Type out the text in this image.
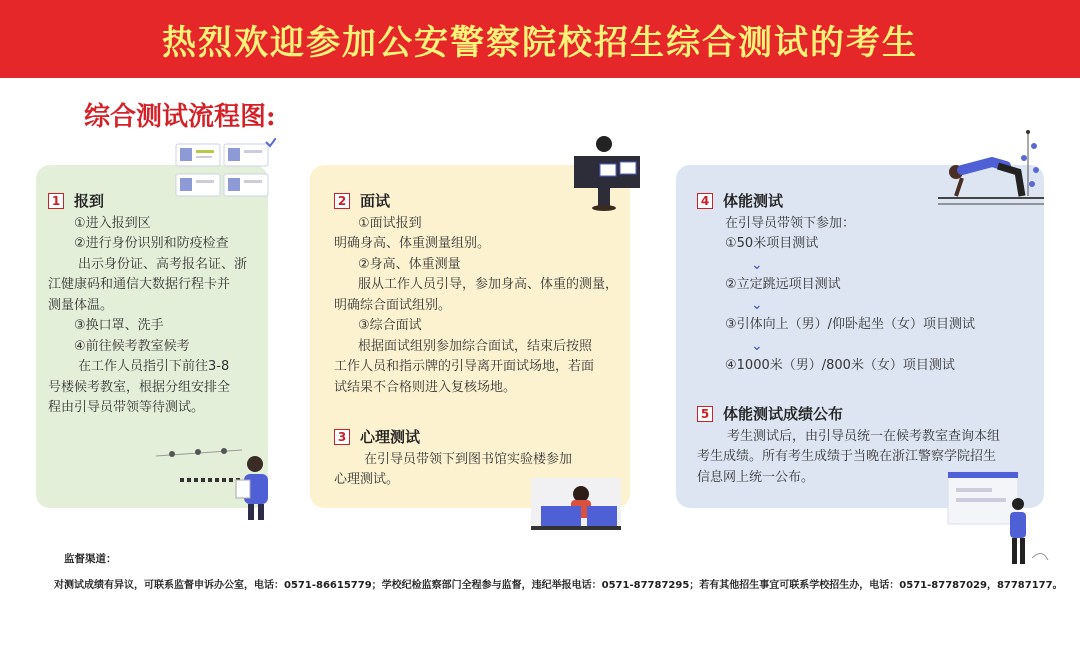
热烈欢迎参加公安警察院校招生综合测试的考生
综合测试流程图:
1 报到

①进入报到区

②进行身份识别和防疫检查

出示身份证、高考报名证、浙

江健康码和通信大数据行程卡并

测量体温。

③换口罩、洗手

④前往候考教室候考

在工作人员指引下前往3-8

号楼候考教室，根据分组安排全

程由引导员带领等待测试。

2 面试

①面试报到

明确身高、体重测量组别。

②身高、体重测量

服从工作人员引导，参加身高、体重的测量，

明确综合面试组别。

③综合面试

根据面试组别参加综合面试，结束后按照

工作人员和指示牌的引导离开面试场地，若面

试结果不合格则进入复核场地。

3 心理测试

在引导员带领下到图书馆实验楼参加

心理测试。

4 体能测试

在引导员带领下参加：

①50米项目测试

⌄

②立定跳远项目测试

⌄

③引体向上（男）/仰卧起坐（女）项目测试

⌄

④1000米（男）/800米（女）项目测试

5 体能测试成绩公布

考生测试后，由引导员统一在候考教室查询本组

考生成绩。所有考生成绩于当晚在浙江警察学院招生

信息网上统一公布。

监督渠道：
对测试成绩有异议，可联系监督申诉办公室，电话：0571-86615779；学校纪检监察部门全程参与监督，违纪举报电话：0571-87787295；若有其他招生事宜可联系学校招生办，电话：0571-87787029，87787177。
